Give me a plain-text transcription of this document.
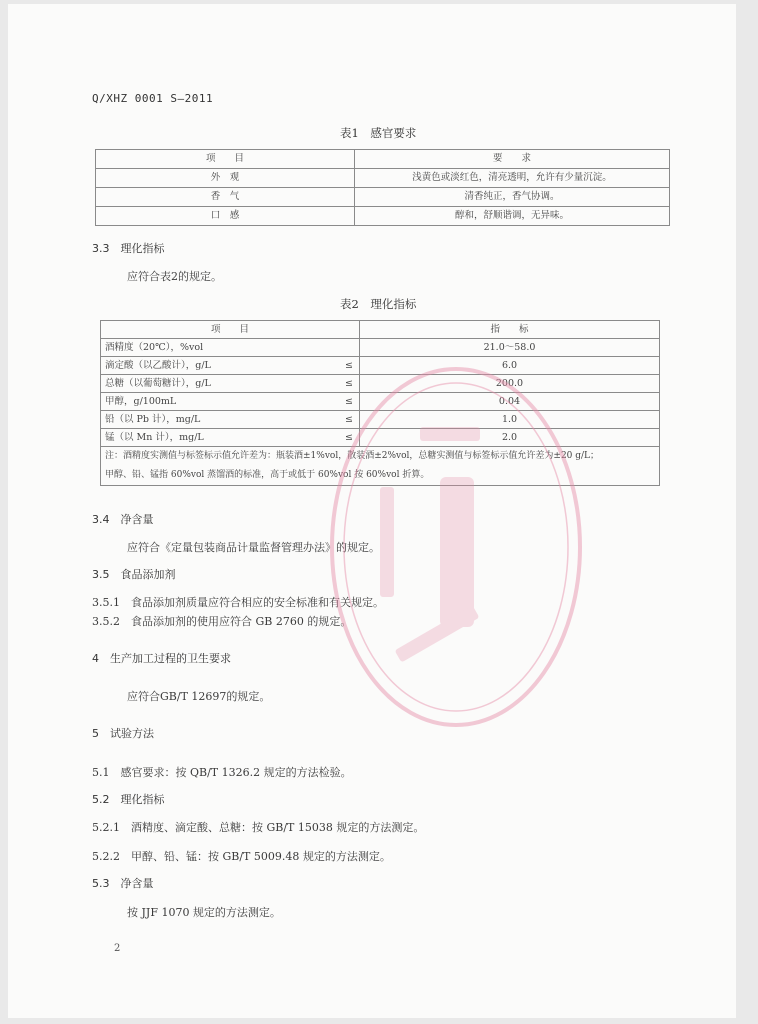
Q/XHZ 0001 S—2011
表1　感官要求
项　　目	要　　求
外　观	浅黄色或淡红色，清亮透明，允许有少量沉淀。
香　气	清香纯正，香气协调。
口　感	醇和，舒顺谐调，无异味。
3.3　理化指标
应符合表2的规定。
表2　理化指标
项　　目	指　　标
酒精度（20℃），%vol	21.0～58.0
滴定酸（以乙酸计），g/L ≤	6.0
总糖（以葡萄糖计），g/L ≤	200.0
甲醇，g/100mL ≤	0.04
铅（以 Pb 计），mg/L ≤	1.0
锰（以 Mn 计），mg/L ≤	2.0
注：酒精度实测值与标签标示值允许差为：瓶装酒±1%vol，散装酒±2%vol，总糖实测值与标签标示值允许差为±20 g/L；	
甲醇、铅、锰指 60%vol 蒸馏酒的标准，高于或低于 60%vol 按 60%vol 折算。	
3.4　净含量
应符合《定量包装商品计量监督管理办法》的规定。
3.5　食品添加剂
3.5.1　食品添加剂质量应符合相应的安全标准和有关规定。
3.5.2　食品添加剂的使用应符合 GB 2760 的规定。
4　生产加工过程的卫生要求
应符合GB/T 12697的规定。
5　试验方法
5.1　感官要求：按 QB/T 1326.2 规定的方法检验。
5.2　理化指标
5.2.1　酒精度、滴定酸、总糖：按 GB/T 15038 规定的方法测定。
5.2.2　甲醇、铅、锰：按 GB/T 5009.48 规定的方法测定。
5.3　净含量
按 JJF 1070 规定的方法测定。
2
